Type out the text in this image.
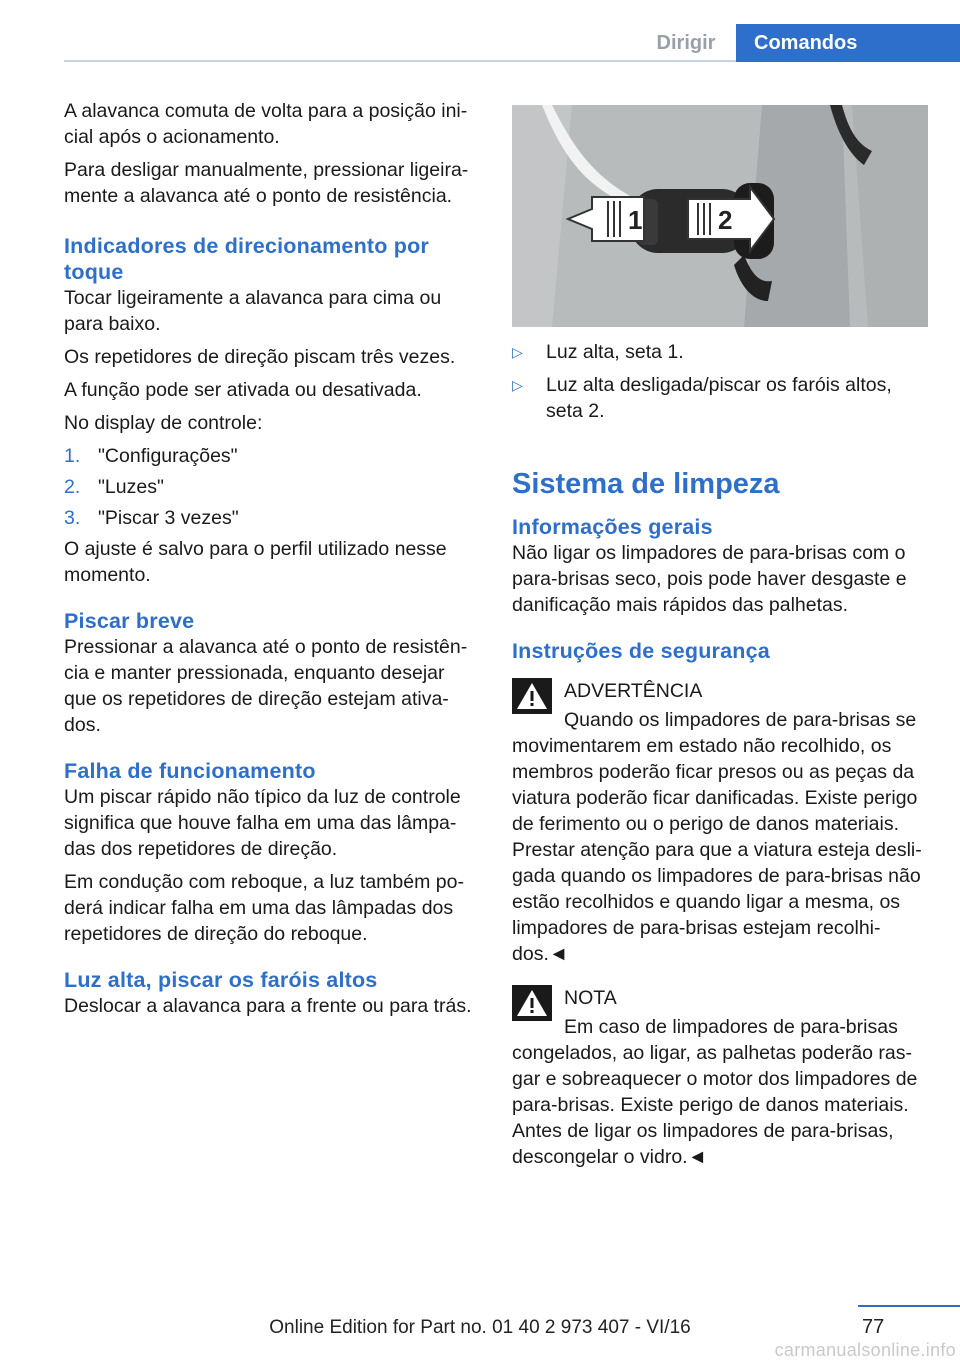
Dirigir	Comandos

A alavanca comuta de volta para a posição ini-cial após o acionamento.

Para desligar manualmente, pressionar ligeira-mente a alavanca até o ponto de resistência.

Indicadores de direcionamento por toque

Tocar ligeiramente a alavanca para cima ou para baixo.

Os repetidores de direção piscam três vezes.

A função pode ser ativada ou desativada.

No display de controle:

1. "Configurações"
2. "Luzes"
3. "Piscar 3 vezes"

O ajuste é salvo para o perfil utilizado nesse momento.

Piscar breve

Pressionar a alavanca até o ponto de resistên-cia e manter pressionada, enquanto desejar que os repetidores de direção estejam ativa-dos.

Falha de funcionamento

Um piscar rápido não típico da luz de controle significa que houve falha em uma das lâmpa-das dos repetidores de direção.

Em condução com reboque, a luz também po-derá indicar falha em uma das lâmpadas dos repetidores de direção do reboque.

Luz alta, piscar os faróis altos

Deslocar a alavanca para a frente ou para trás.

1	2
▷	Luz alta, seta 1.
▷	Luz alta desligada/piscar os faróis altos, seta 2.
Sistema de limpeza
Informações gerais

Não ligar os limpadores de para-brisas com o para-brisas seco, pois pode haver desgaste e danificação mais rápidos das palhetas.

Instruções de segurança

ADVERTÊNCIA

Quando os limpadores de para-brisas se

movimentarem em estado não recolhido, os membros poderão ficar presos ou as peças da viatura poderão ficar danificadas. Existe perigo de ferimento ou o perigo de danos materiais. Prestar atenção para que a viatura esteja desli-gada quando os limpadores de para-brisas não estão recolhidos e quando ligar a mesma, os limpadores de para-brisas estejam recolhi-dos.◄

NOTA

Em caso de limpadores de para-brisas

congelados, ao ligar, as palhetas poderão ras-gar e sobreaquecer o motor dos limpadores de para-brisas. Existe perigo de danos materiais. Antes de ligar os limpadores de para-brisas, descongelar o vidro.◄

77
Online Edition for Part no. 01 40 2 973 407 - VI/16
carmanualsonline.info
